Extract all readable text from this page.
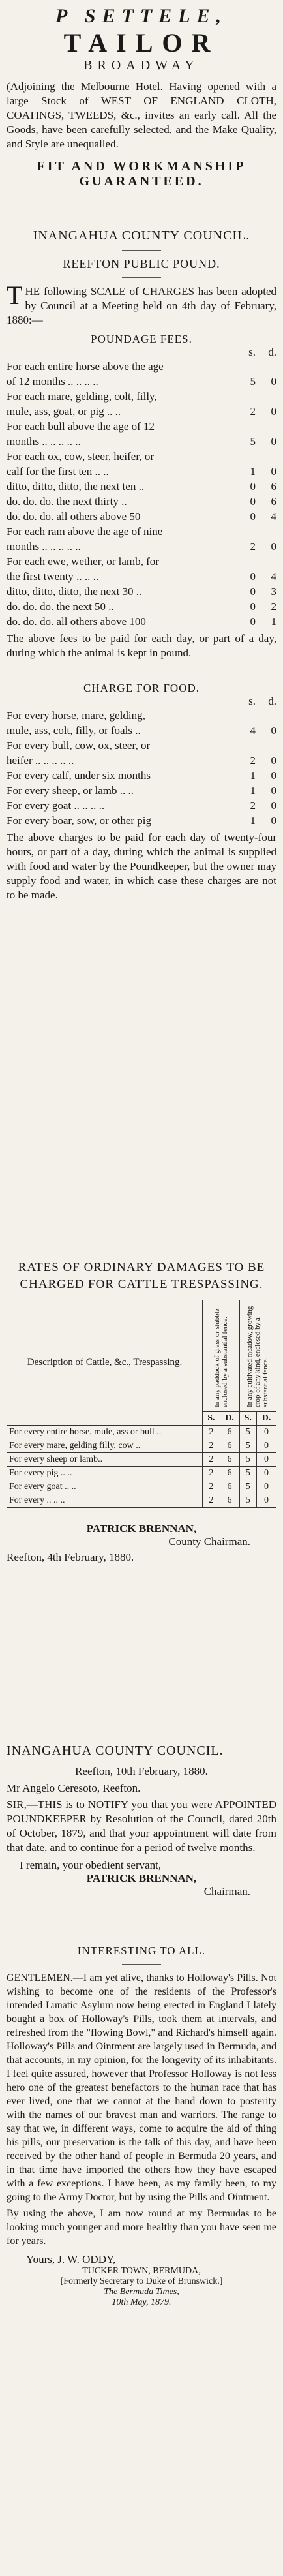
P SETTELE,
TAILOR
BROADWAY
(Adjoining the Melbourne Hotel. Having opened with a large Stock of WEST OF ENGLAND CLOTH, COATINGS, TWEEDS, &c., invites an early call. All the Goods, have been carefully selected, and the Make Quality, and Style are unequalled.
FIT AND WORKMANSHIP
GUARANTEED.
INANGAHUA COUNTY COUNCIL.
REEFTON PUBLIC POUND.
T HE following SCALE of CHARGES has been adopted by Council at a Meeting held on 4th day of February, 1880:—
POUNDAGE FEES.
s.	d.
For each entire horse above the age
of 12 months .. .. .. ..	5	0
For each mare, gelding, colt, filly,
mule, ass, goat, or pig .. ..	2	0
For each bull above the age of 12
months .. .. .. .. ..	5	0
For each ox, cow, steer, heifer, or
calf for the first ten .. ..	1	0
ditto, ditto, ditto, the next ten ..	0	6
do. do. do. the next thirty ..	0	6
do. do. do. all others above 50	0	4
For each ram above the age of nine
months .. .. .. .. ..	2	0
For each ewe, wether, or lamb, for
the first twenty .. .. ..	0	4
ditto, ditto, ditto, the next 30 ..	0	3
do. do. do. the next 50 ..	0	2
do. do. do. all others above 100	0	1
The above fees to be paid for each day, or part of a day, during which the animal is kept in pound.
CHARGE FOR FOOD.
s.	d.
For every horse, mare, gelding,
mule, ass, colt, filly, or foals ..	4	0
For every bull, cow, ox, steer, or
heifer .. .. .. .. ..	2	0
For every calf, under six months	1	0
For every sheep, or lamb .. ..	1	0
For every goat .. .. .. ..	2	0
For every boar, sow, or other pig	1	0
The above charges to be paid for each day of twenty-four hours, or part of a day, during which the animal is supplied with food and water by the Poundkeeper, but the owner may supply food and water, in which case these charges are not to be made.
RATES OF ORDINARY DAMAGES TO BE CHARGED FOR CATTLE TRESPASSING.
Description of Cattle, &c., Trespassing.	In any paddock of grass or stubble enclosed by a substantial fence.		In any cultivated meadow, growing crop of any kind, enclosed by a substantial fence.	

	S.	D.	S.	D.
For every entire horse, mule, ass or bull ..	2	6	5	0
For every mare, gelding filly, cow ..	2	6	5	0
For every sheep or lamb..	2	6	5	0
For every pig .. ..	2	6	5	0
For every goat .. ..	2	6	5	0
For every .. .. ..	2	6	5	0
PATRICK BRENNAN,
County Chairman.
Reefton, 4th February, 1880.
INANGAHUA COUNTY COUNCIL.
Reefton, 10th February, 1880.
Mr Angelo Ceresoto, Reefton.
SIR,—THIS is to NOTIFY you that you were APPOINTED POUNDKEEPER by Resolution of the Council, dated 20th of October, 1879, and that your appointment will date from that date, and to continue for a period of twelve months.
I remain, your obedient servant,
PATRICK BRENNAN,
Chairman.
INTERESTING TO ALL.
GENTLEMEN.—I am yet alive, thanks to Holloway's Pills. Not wishing to become one of the residents of the Professor's intended Lunatic Asylum now being erected in England I lately bought a box of Holloway's Pills, took them at intervals, and refreshed from the "flowing Bowl," and Richard's himself again. Holloway's Pills and Ointment are largely used in Bermuda, and that accounts, in my opinion, for the longevity of its inhabitants. I feel quite assured, however that Professor Holloway is not less hero one of the greatest benefactors to the human race that has ever lived, one that we cannot at the hand down to posterity with the names of our bravest man and warriors. The range to say that we, in different ways, come to acquire the aid of thing his pills, our preservation is the talk of this day, and have been received by the other hand of people in Bermuda 20 years, and in that time have imported the others how they have escaped with a few exceptions. I have been, as my family been, to my going to the Army Doctor, but by using the Pills and Ointment.
By using the above, I am now round at my Bermudas to be looking much younger and more healthy than you have seen me for years.
Yours, J. W. ODDY,
TUCKER TOWN, BERMUDA,
[Formerly Secretary to Duke of Brunswick.]
The Bermuda Times,
10th May, 1879.
